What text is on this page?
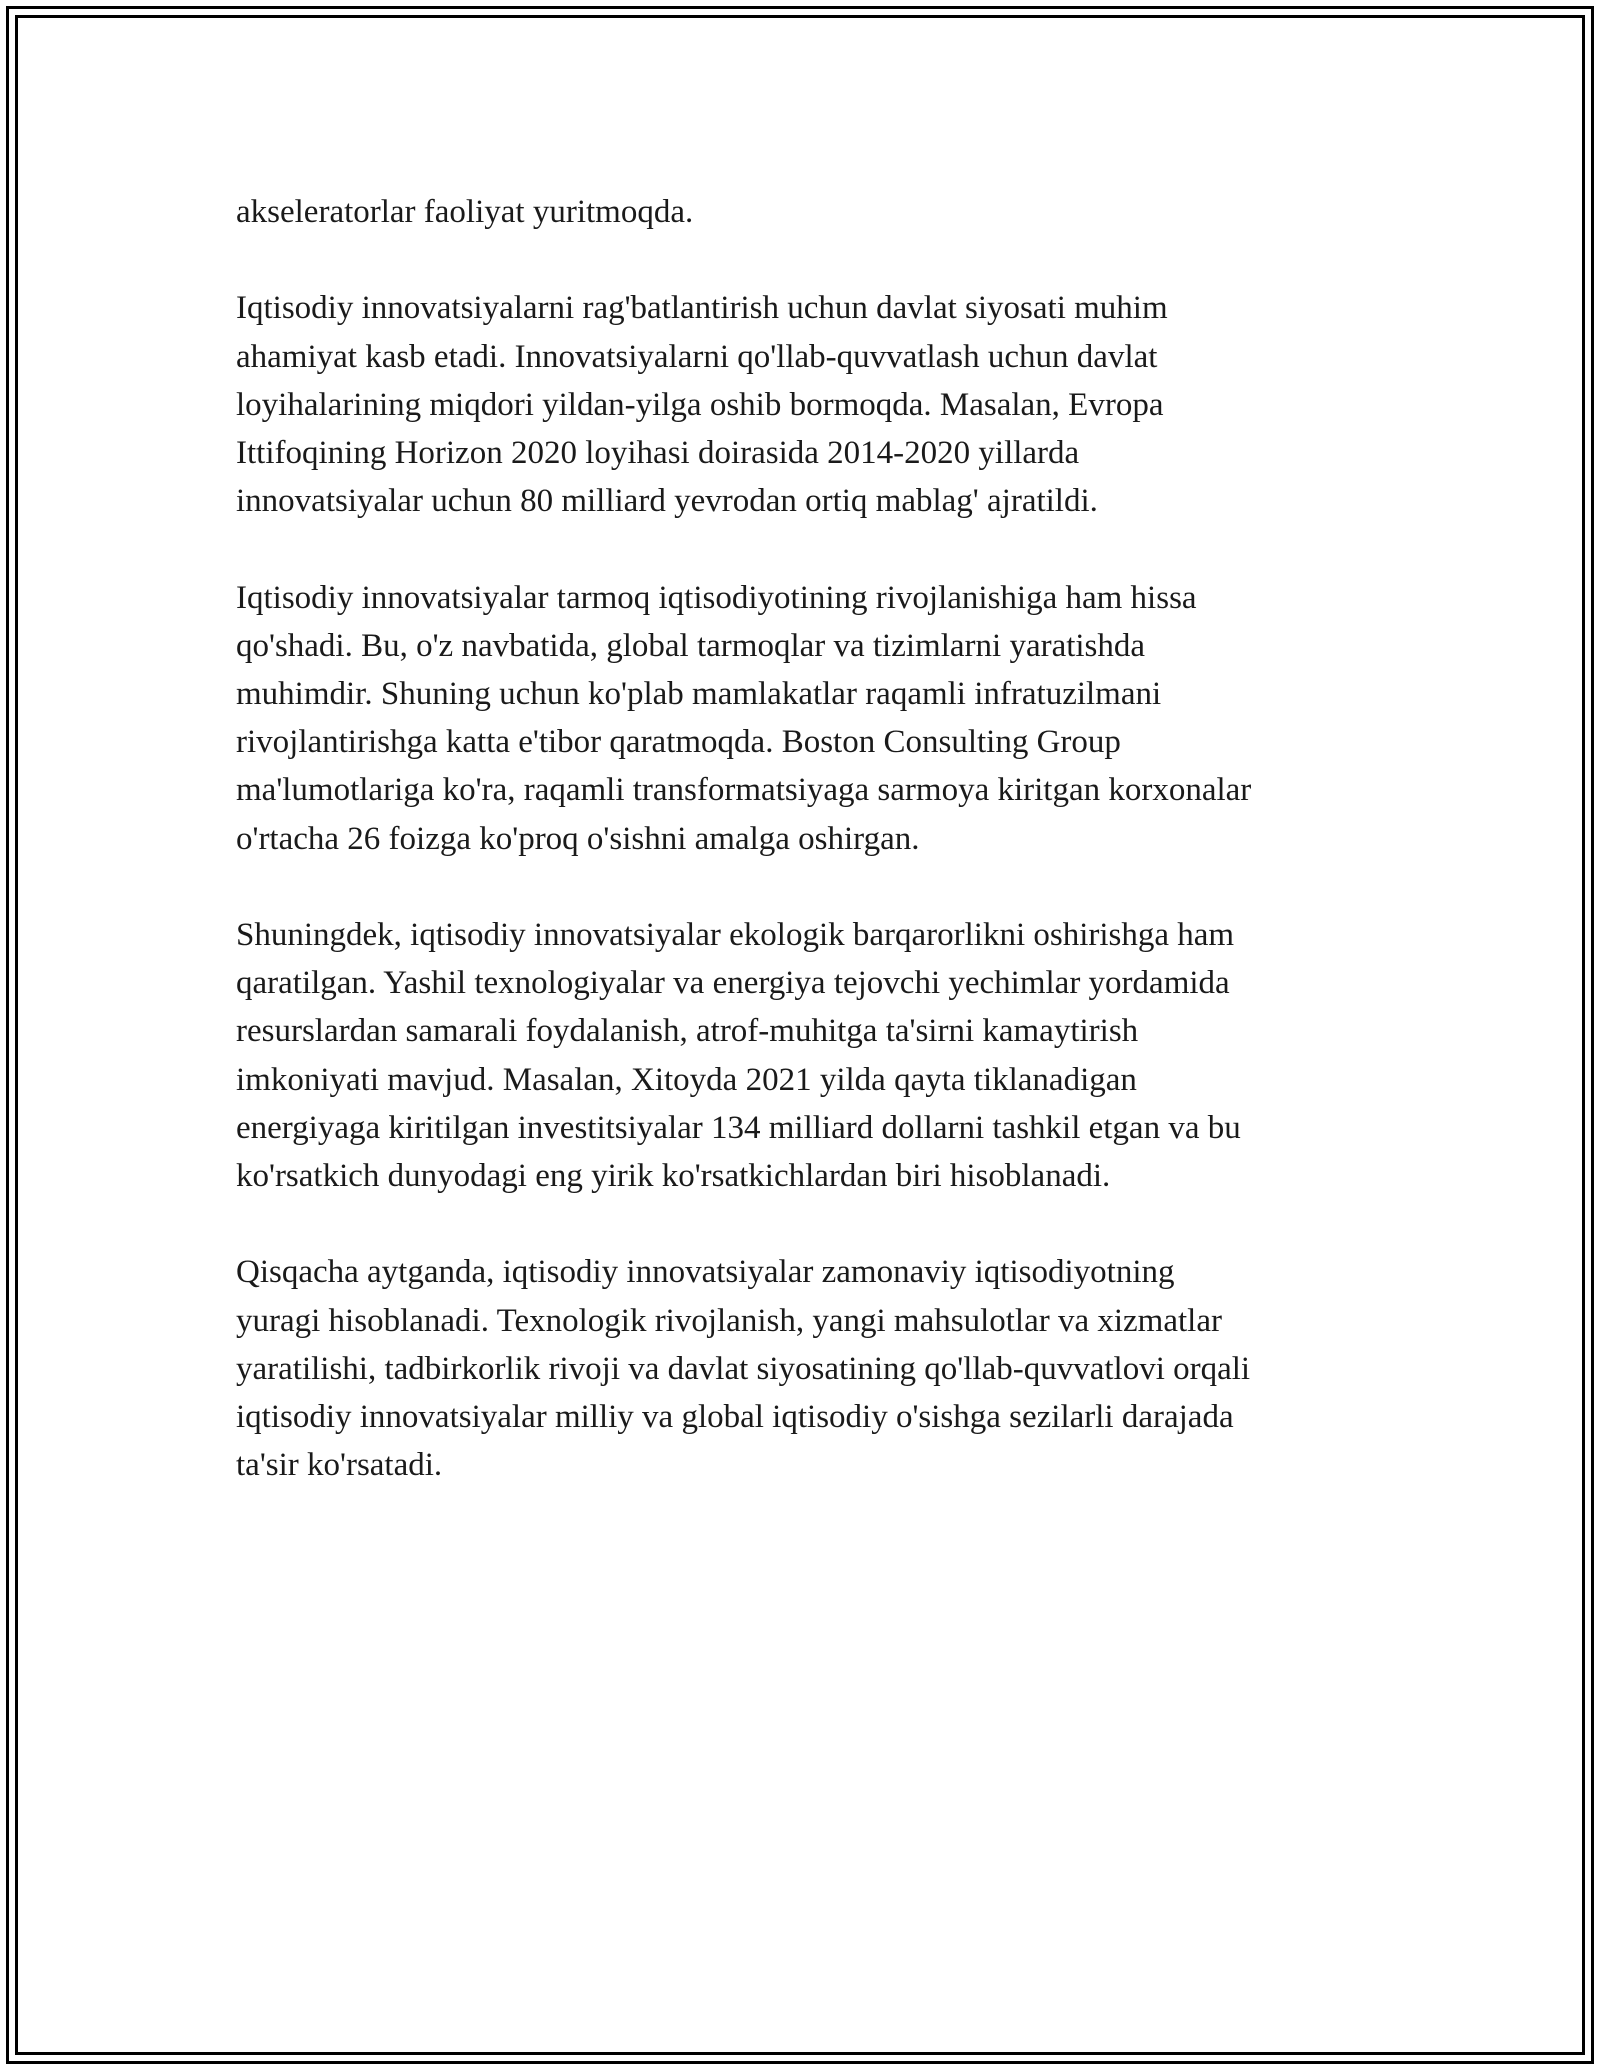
akseleratorlar faoliyat yuritmoqda.

Iqtisodiy innovatsiyalarni rag'batlantirish uchun davlat siyosati muhim
ahamiyat kasb etadi. Innovatsiyalarni qo'llab-quvvatlash uchun davlat
loyihalarining miqdori yildan-yilga oshib bormoqda. Masalan, Evropa
Ittifoqining Horizon 2020 loyihasi doirasida 2014-2020 yillarda
innovatsiyalar uchun 80 milliard yevrodan ortiq mablag' ajratildi.

Iqtisodiy innovatsiyalar tarmoq iqtisodiyotining rivojlanishiga ham hissa
qo'shadi. Bu, o'z navbatida, global tarmoqlar va tizimlarni yaratishda
muhimdir. Shuning uchun ko'plab mamlakatlar raqamli infratuzilmani
rivojlantirishga katta e'tibor qaratmoqda. Boston Consulting Group
ma'lumotlariga ko'ra, raqamli transformatsiyaga sarmoya kiritgan korxonalar
o'rtacha 26 foizga ko'proq o'sishni amalga oshirgan.

Shuningdek, iqtisodiy innovatsiyalar ekologik barqarorlikni oshirishga ham
qaratilgan. Yashil texnologiyalar va energiya tejovchi yechimlar yordamida
resurslardan samarali foydalanish, atrof-muhitga ta'sirni kamaytirish
imkoniyati mavjud. Masalan, Xitoyda 2021 yilda qayta tiklanadigan
energiyaga kiritilgan investitsiyalar 134 milliard dollarni tashkil etgan va bu
ko'rsatkich dunyodagi eng yirik ko'rsatkichlardan biri hisoblanadi.

Qisqacha aytganda, iqtisodiy innovatsiyalar zamonaviy iqtisodiyotning
yuragi hisoblanadi. Texnologik rivojlanish, yangi mahsulotlar va xizmatlar
yaratilishi, tadbirkorlik rivoji va davlat siyosatining qo'llab-quvvatlovi orqali
iqtisodiy innovatsiyalar milliy va global iqtisodiy o'sishga sezilarli darajada
ta'sir ko'rsatadi.
